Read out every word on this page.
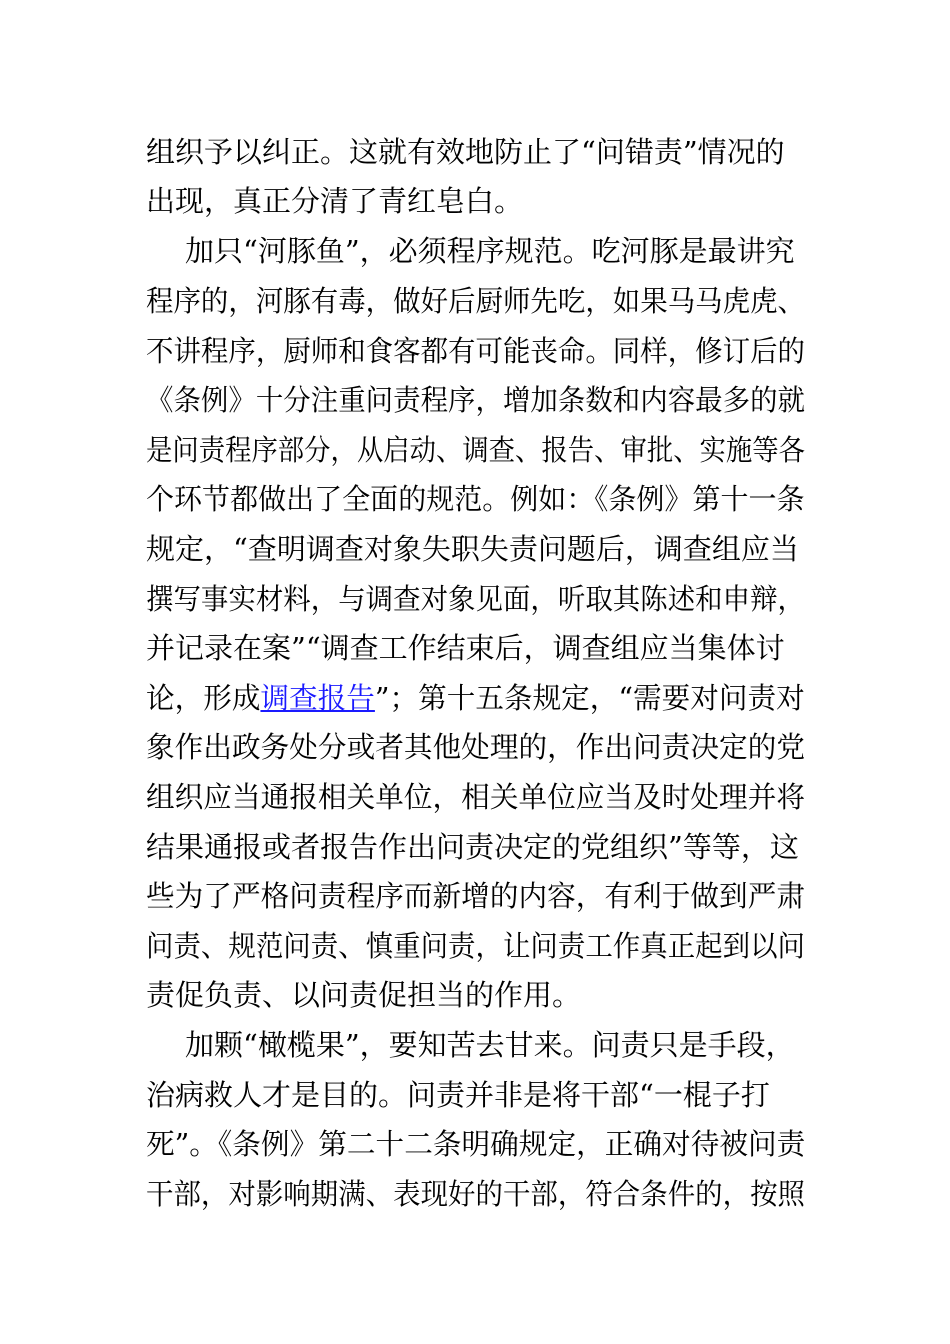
组织予以纠正。这就有效地防止了“问错责”情况的
出现，真正分清了青红皂白。
加只“河豚鱼”，必须程序规范。吃河豚是最讲究
程序的，河豚有毒，做好后厨师先吃，如果马马虎虎、
不讲程序，厨师和食客都有可能丧命。同样，修订后的
《条例》十分注重问责程序，增加条数和内容最多的就
是问责程序部分，从启动、调查、报告、审批、实施等各
个环节都做出了全面的规范。例如：《条例》第十一条
规定，“查明调查对象失职失责问题后，调查组应当
撰写事实材料，与调查对象见面，听取其陈述和申辩，
并记录在案”“调查工作结束后，调查组应当集体讨
论，形成调查报告”；第十五条规定，“需要对问责对
象作出政务处分或者其他处理的，作出问责决定的党
组织应当通报相关单位，相关单位应当及时处理并将
结果通报或者报告作出问责决定的党组织”等等，这
些为了严格问责程序而新增的内容，有利于做到严肃
问责、规范问责、慎重问责，让问责工作真正起到以问
责促负责、以问责促担当的作用。
加颗“橄榄果”，要知苦去甘来。问责只是手段，
治病救人才是目的。问责并非是将干部“一棍子打
死”。《条例》第二十二条明确规定，正确对待被问责
干部，对影响期满、表现好的干部，符合条件的，按照
